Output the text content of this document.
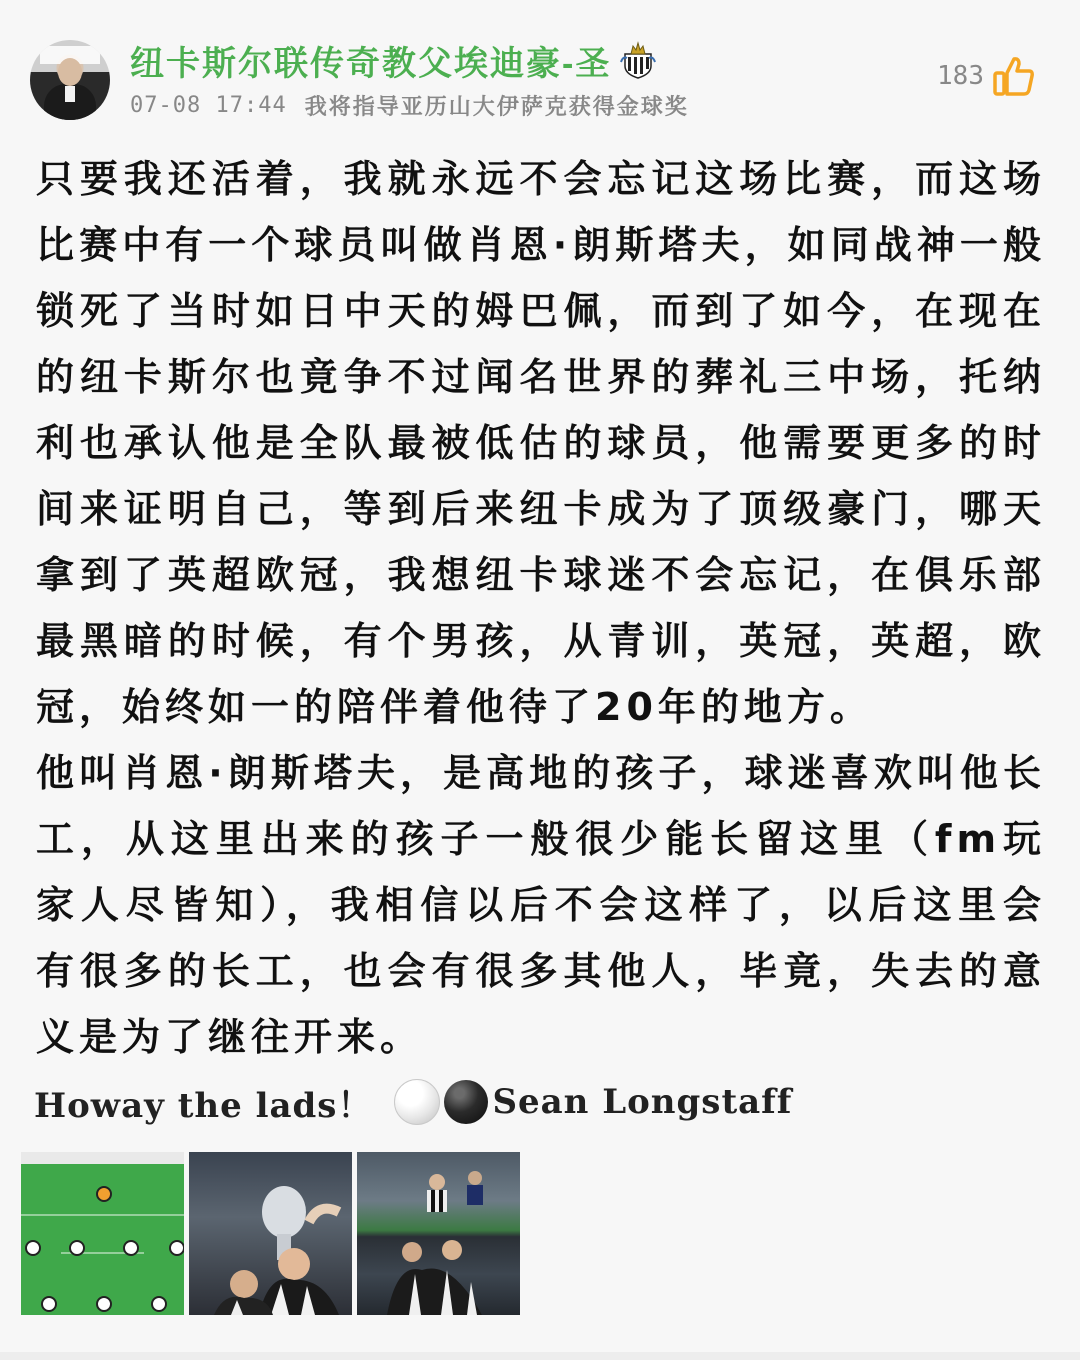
纽卡斯尔联传奇教父埃迪豪-圣
07-08 17:44 我将指导亚历山大伊萨克获得金球奖
183

只要我还活着，我就永远不会忘记这场比赛，而这场比赛中有一个球员叫做肖恩·朗斯塔夫，如同战神一般锁死了当时如日中天的姆巴佩，而到了如今，在现在的纽卡斯尔也竟争不过闻名世界的葬礼三中场，托纳利也承认他是全队最被低估的球员，他需要更多的时间来证明自己，等到后来纽卡成为了顶级豪门，哪天拿到了英超欧冠，我想纽卡球迷不会忘记，在俱乐部最黑暗的时候，有个男孩，从青训，英冠，英超，欧冠，始终如一的陪伴着他待了20年的地方。

他叫肖恩·朗斯塔夫，是高地的孩子，球迷喜欢叫他长工，从这里出来的孩子一般很少能长留这里（fm玩家人尽皆知），我相信以后不会这样了，以后这里会有很多的长工，也会有很多其他人，毕竟，失去的意义是为了继往开来。

Howay the lads！	Sean Longstaff
